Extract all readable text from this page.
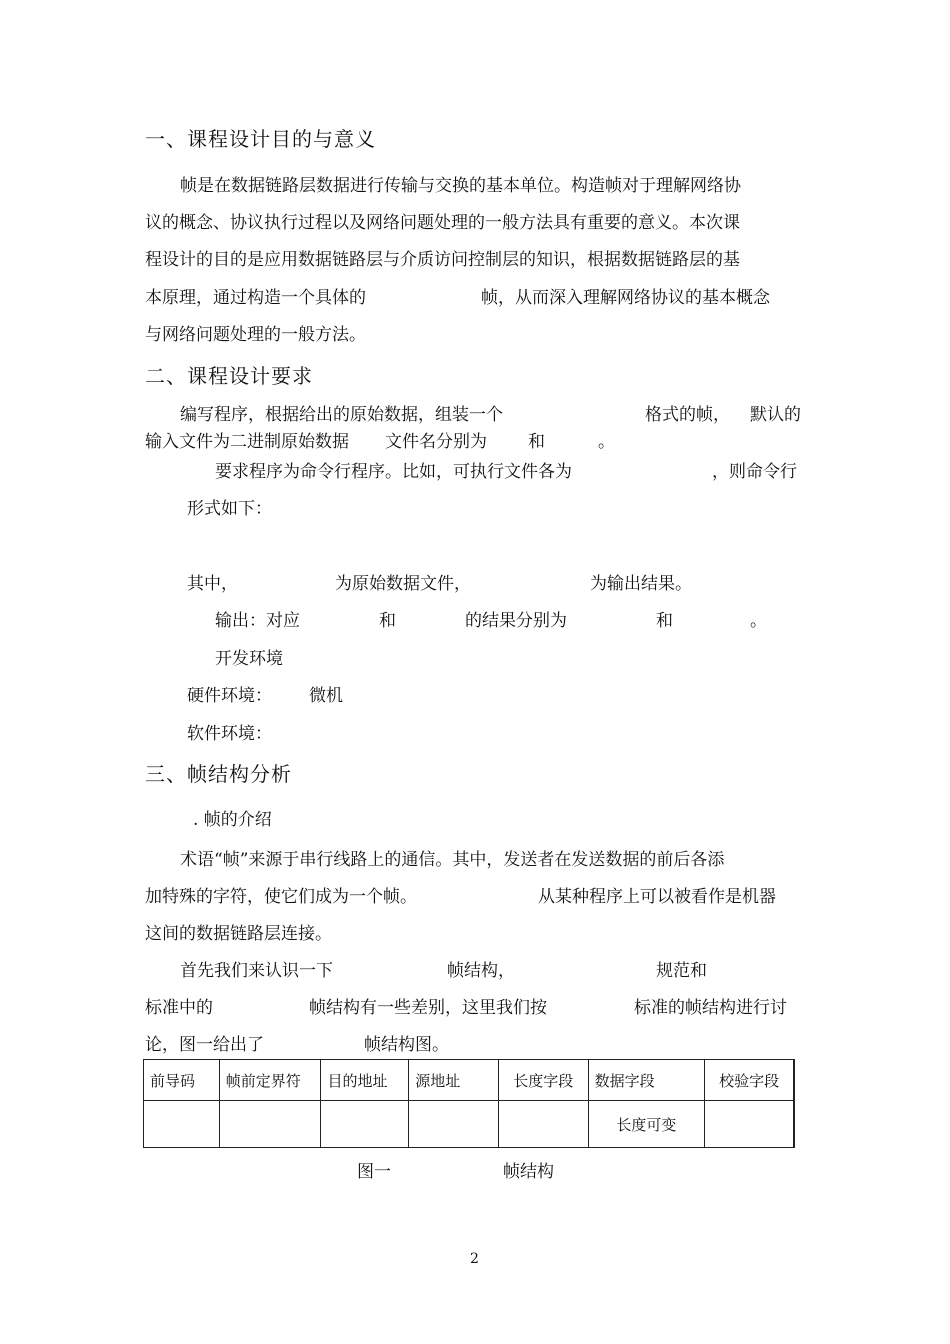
一、课程设计目的与意义
帧是在数据链路层数据进行传输与交换的基本单位。构造帧对于理解网络协
议的概念、协议执行过程以及网络问题处理的一般方法具有重要的意义。本次课
程设计的目的是应用数据链路层与介质访问控制层的知识，根据数据链路层的基
本原理，通过构造一个具体的	帧，从而深入理解网络协议的基本概念
与网络问题处理的一般方法。
二、课程设计要求
编写程序，根据给出的原始数据，组装一个	格式的帧， 默认的
输入文件为二进制原始数据 文件名分别为 和	。
要求程序为命令行程序。比如，可执行文件各为	，则命令行
形式如下：
其中，	为原始数据文件，	为输出结果。
输出：对应	和	的结果分别为	和	。
开发环境
硬件环境： 微机
软件环境：
三、帧结构分析
. 帧的介绍
术语“帧”来源于串行线路上的通信。其中，发送者在发送数据的前后各添
加特殊的字符，使它们成为一个帧。	从某种程序上可以被看作是机器
这间的数据链路层连接。
首先我们来认识一下	帧结构，	规范和
标准中的	帧结构有一些差别，这里我们按	标准的帧结构进行讨
论，图一给出了	帧结构图。
前导码	帧前定界符	目的地址	源地址	长度字段	数据字段	校验字段
					长度可变	
图一	帧结构
2
